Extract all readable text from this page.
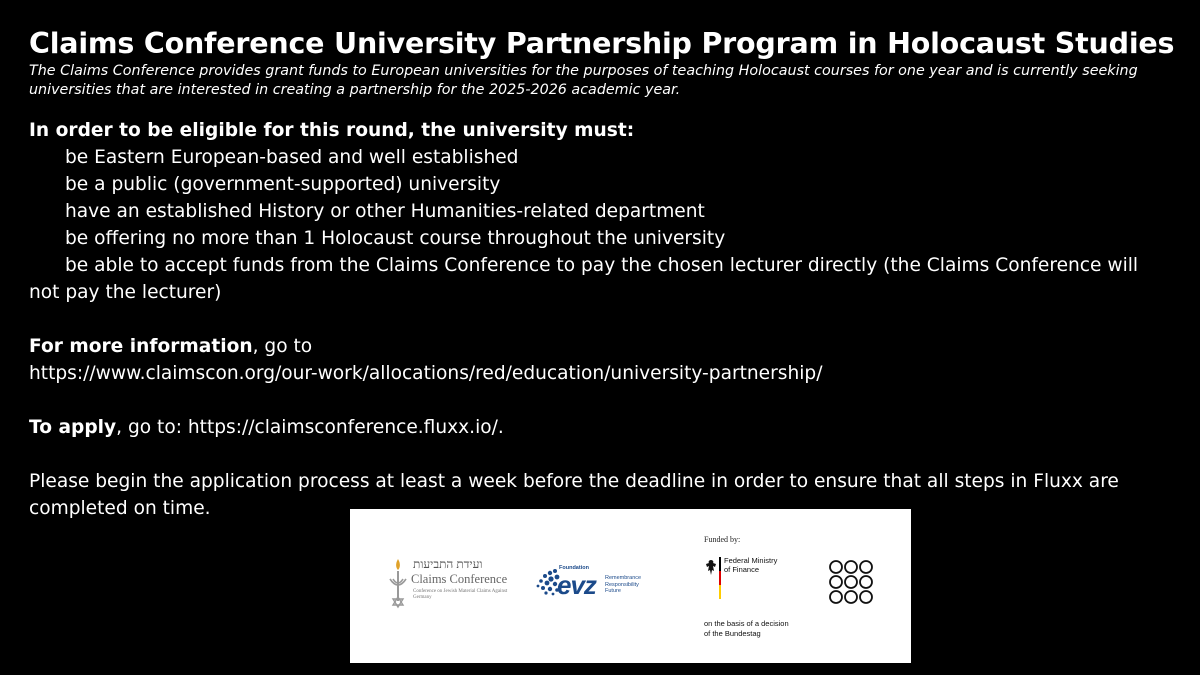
Claims Conference University Partnership Program in Holocaust Studies

The Claims Conference provides grant funds to European universities for the purposes of teaching Holocaust courses for one year and is currently seeking universities that are interested in creating a partnership for the 2025-2026 academic year.

In order to be eligible for this round, the university must:

be Eastern European-based and well established

be a public (government-supported) university

have an established History or other Humanities-related department

be offering no more than 1 Holocaust course throughout the university

be able to accept funds from the Claims Conference to pay the chosen lecturer directly (the Claims Conference will not pay the lecturer)

For more information, go to

https://www.claimscon.org/our-work/allocations/red/education/university-partnership/

To apply, go to: https://claimsconference.fluxx.io/.

Please begin the application process at least a week before the deadline in order to ensure that all steps in Fluxx are completed on time.

ועידת התביעות
Claims Conference
Conference on Jewish Material Claims Against Germany
Foundation
evz Remembrance
Responsibility
Future
Funded by:
Federal Ministry
of Finance
on the basis of a decision
of the Bundestag
